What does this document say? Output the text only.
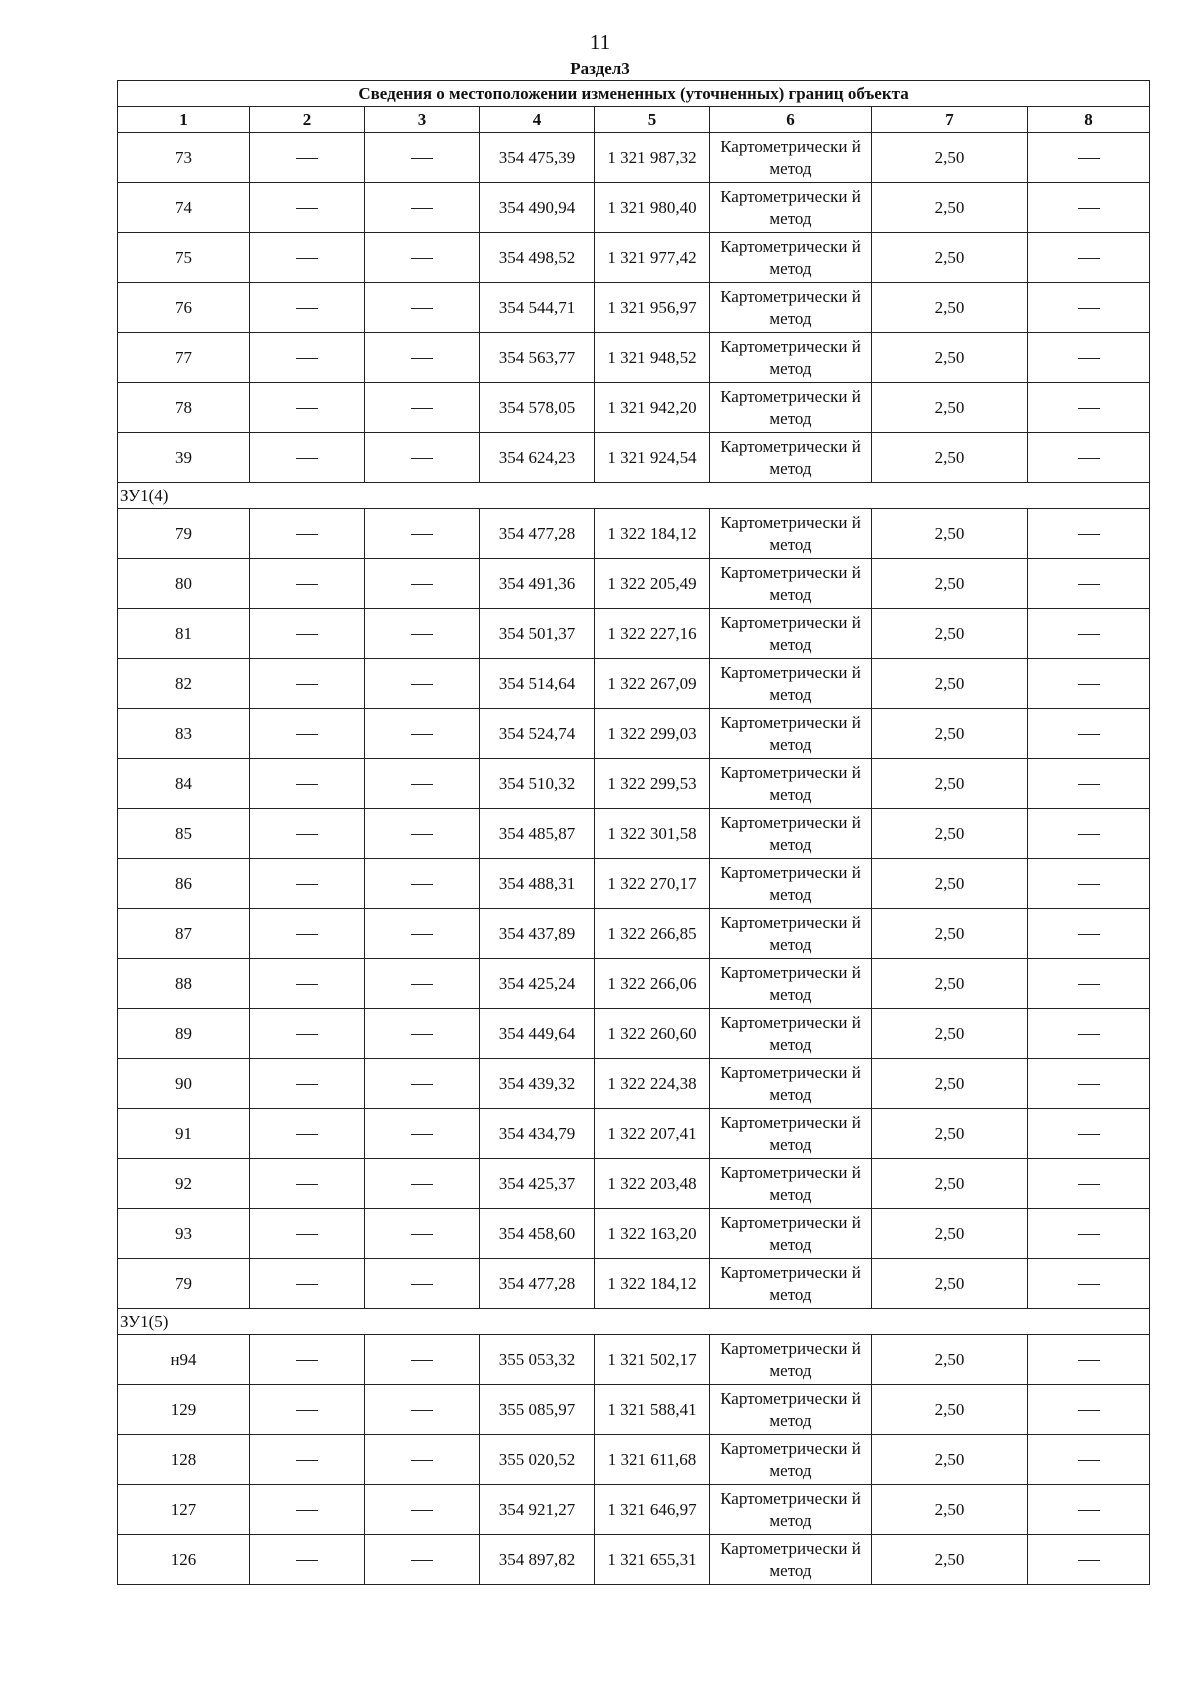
11
Раздел3
Сведения о местоположении измененных (уточненных) границ объекта							
1	2	3	4	5	6	7	8
73			354 475,39	1 321 987,32	Картометрически й метод	2,50	
74			354 490,94	1 321 980,40	Картометрически й метод	2,50	
75			354 498,52	1 321 977,42	Картометрически й метод	2,50	
76			354 544,71	1 321 956,97	Картометрически й метод	2,50	
77			354 563,77	1 321 948,52	Картометрически й метод	2,50	
78			354 578,05	1 321 942,20	Картометрически й метод	2,50	
39			354 624,23	1 321 924,54	Картометрически й метод	2,50	
ЗУ1(4)							
79			354 477,28	1 322 184,12	Картометрически й метод	2,50	
80			354 491,36	1 322 205,49	Картометрически й метод	2,50	
81			354 501,37	1 322 227,16	Картометрически й метод	2,50	
82			354 514,64	1 322 267,09	Картометрически й метод	2,50	
83			354 524,74	1 322 299,03	Картометрически й метод	2,50	
84			354 510,32	1 322 299,53	Картометрически й метод	2,50	
85			354 485,87	1 322 301,58	Картометрически й метод	2,50	
86			354 488,31	1 322 270,17	Картометрически й метод	2,50	
87			354 437,89	1 322 266,85	Картометрически й метод	2,50	
88			354 425,24	1 322 266,06	Картометрически й метод	2,50	
89			354 449,64	1 322 260,60	Картометрически й метод	2,50	
90			354 439,32	1 322 224,38	Картометрически й метод	2,50	
91			354 434,79	1 322 207,41	Картометрически й метод	2,50	
92			354 425,37	1 322 203,48	Картометрически й метод	2,50	
93			354 458,60	1 322 163,20	Картометрически й метод	2,50	
79			354 477,28	1 322 184,12	Картометрически й метод	2,50	
ЗУ1(5)							
н94			355 053,32	1 321 502,17	Картометрически й метод	2,50	
129			355 085,97	1 321 588,41	Картометрически й метод	2,50	
128			355 020,52	1 321 611,68	Картометрически й метод	2,50	
127			354 921,27	1 321 646,97	Картометрически й метод	2,50	
126			354 897,82	1 321 655,31	Картометрически й метод	2,50	
